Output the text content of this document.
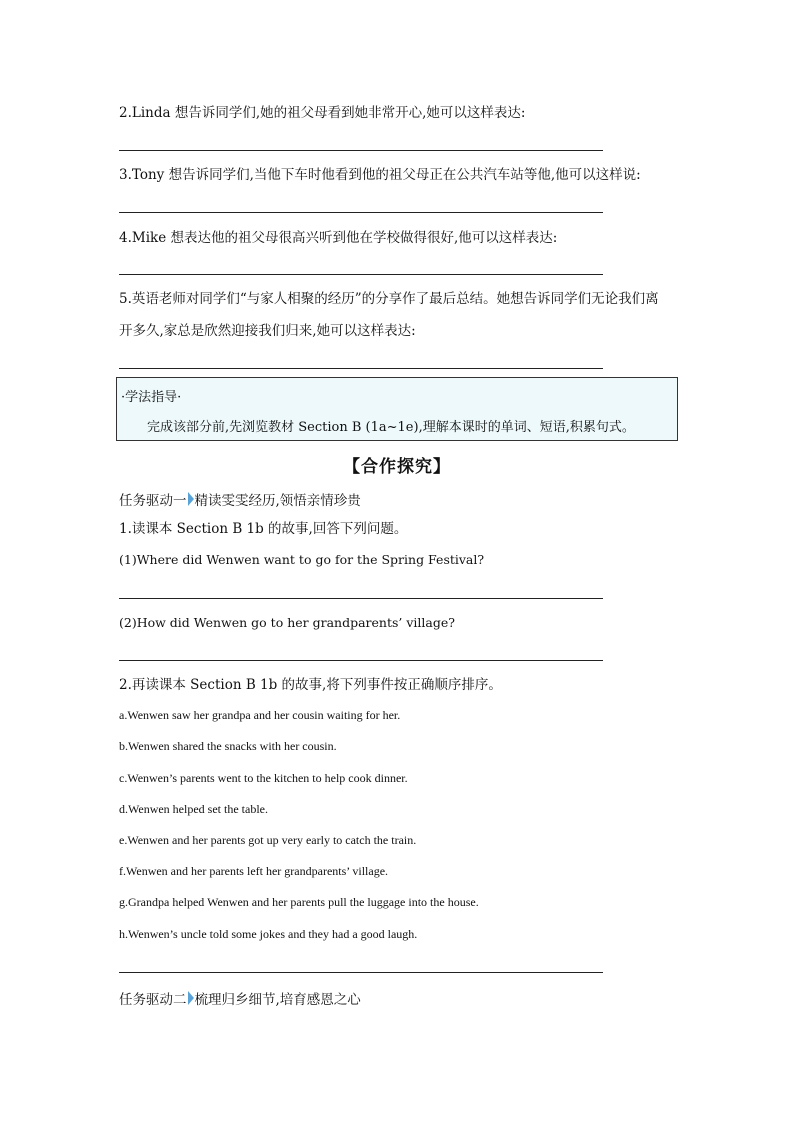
2.Linda 想告诉同学们,她的祖父母看到她非常开心,她可以这样表达:
3.Tony 想告诉同学们,当他下车时他看到他的祖父母正在公共汽车站等他,他可以这样说:
4.Mike 想表达他的祖父母很高兴听到他在学校做得很好,他可以这样表达:
5.英语老师对同学们“与家人相聚的经历”的分享作了最后总结。她想告诉同学们无论我们离
开多久,家总是欣然迎接我们归来,她可以这样表达:
·学法指导·
完成该部分前,先浏览教材 Section B (1a~1e),理解本课时的单词、短语,积累句式。
【合作探究】
任务驱动一 精读雯雯经历,领悟亲情珍贵
1.读课本 Section B 1b 的故事,回答下列问题。
(1)Where did Wenwen want to go for the Spring Festival?
(2)How did Wenwen go to her grandparents’ village?
2.再读课本 Section B 1b 的故事,将下列事件按正确顺序排序。
a.Wenwen saw her grandpa and her cousin waiting for her.
b.Wenwen shared the snacks with her cousin.
c.Wenwen’s parents went to the kitchen to help cook dinner.
d.Wenwen helped set the table.
e.Wenwen and her parents got up very early to catch the train.
f.Wenwen and her parents left her grandparents’ village.
g.Grandpa helped Wenwen and her parents pull the luggage into the house.
h.Wenwen’s uncle told some jokes and they had a good laugh.
任务驱动二 梳理归乡细节,培育感恩之心
